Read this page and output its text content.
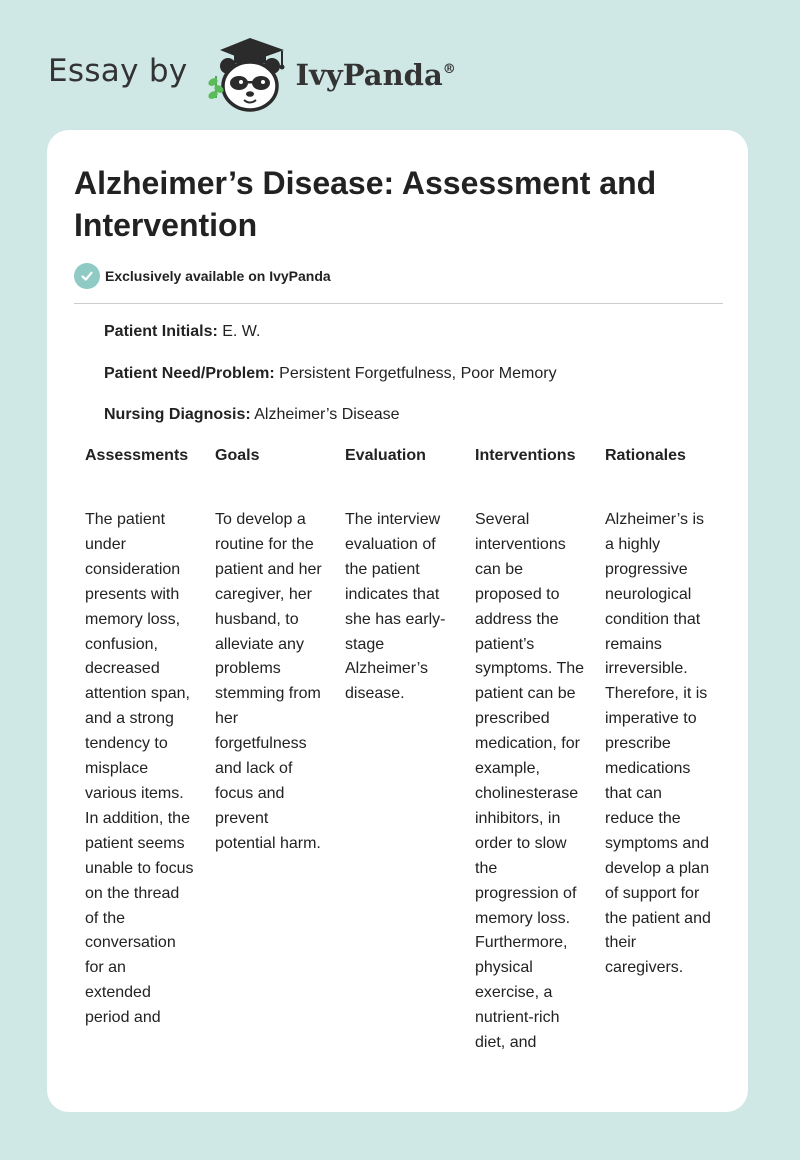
Essay by	IvyPanda®
Alzheimer’s Disease: Assessment and Intervention
Exclusively available on IvyPanda
Patient Initials: E. W.
Patient Need/Problem: Persistent Forgetfulness, Poor Memory
Nursing Diagnosis: Alzheimer’s Disease
Assessments
The patient under consideration presents with memory loss, confusion, decreased attention span, and a strong tendency to misplace various items. In addition, the patient seems unable to focus on the thread of the conversation for an extended period and
Goals
To develop a routine for the patient and her caregiver, her husband, to alleviate any problems stemming from her forgetfulness and lack of focus and prevent potential harm.
Evaluation
The interview evaluation of the patient indicates that she has early-stage Alzheimer’s disease.
Interventions
Several interventions can be proposed to address the patient’s symptoms. The patient can be prescribed medication, for example, cholinesterase inhibitors, in order to slow the progression of memory loss. Furthermore, physical exercise, a nutrient-rich diet, and
Rationales
Alzheimer’s is a highly progressive neurological condition that remains irreversible. Therefore, it is imperative to prescribe medications that can reduce the symptoms and develop a plan of support for the patient and their caregivers.
